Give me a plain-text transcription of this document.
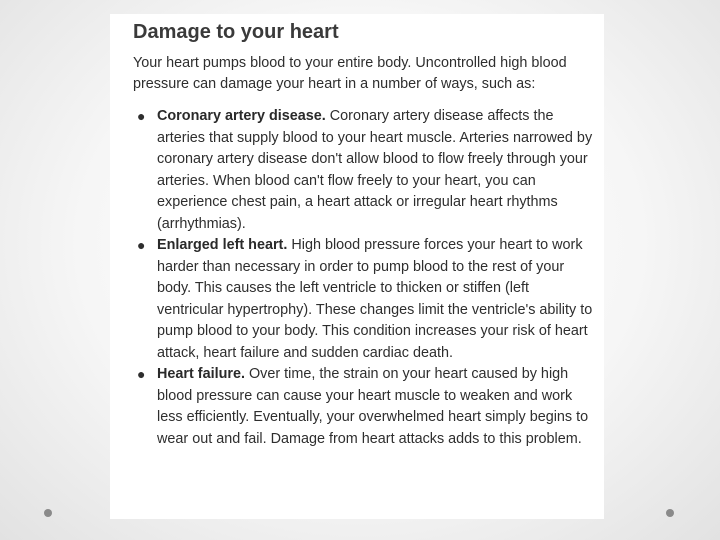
Damage to your heart

Your heart pumps blood to your entire body. Uncontrolled high blood pressure can damage your heart in a number of ways, such as:

● Coronary artery disease. Coronary artery disease affects the arteries that supply blood to your heart muscle. Arteries narrowed by coronary artery disease don't allow blood to flow freely through your arteries. When blood can't flow freely to your heart, you can experience chest pain, a heart attack or irregular heart rhythms (arrhythmias).
● Enlarged left heart. High blood pressure forces your heart to work harder than necessary in order to pump blood to the rest of your body. This causes the left ventricle to thicken or stiffen (left ventricular hypertrophy). These changes limit the ventricle's ability to pump blood to your body. This condition increases your risk of heart attack, heart failure and sudden cardiac death.
● Heart failure. Over time, the strain on your heart caused by high blood pressure can cause your heart muscle to weaken and work less efficiently. Eventually, your overwhelmed heart simply begins to wear out and fail. Damage from heart attacks adds to this problem.
